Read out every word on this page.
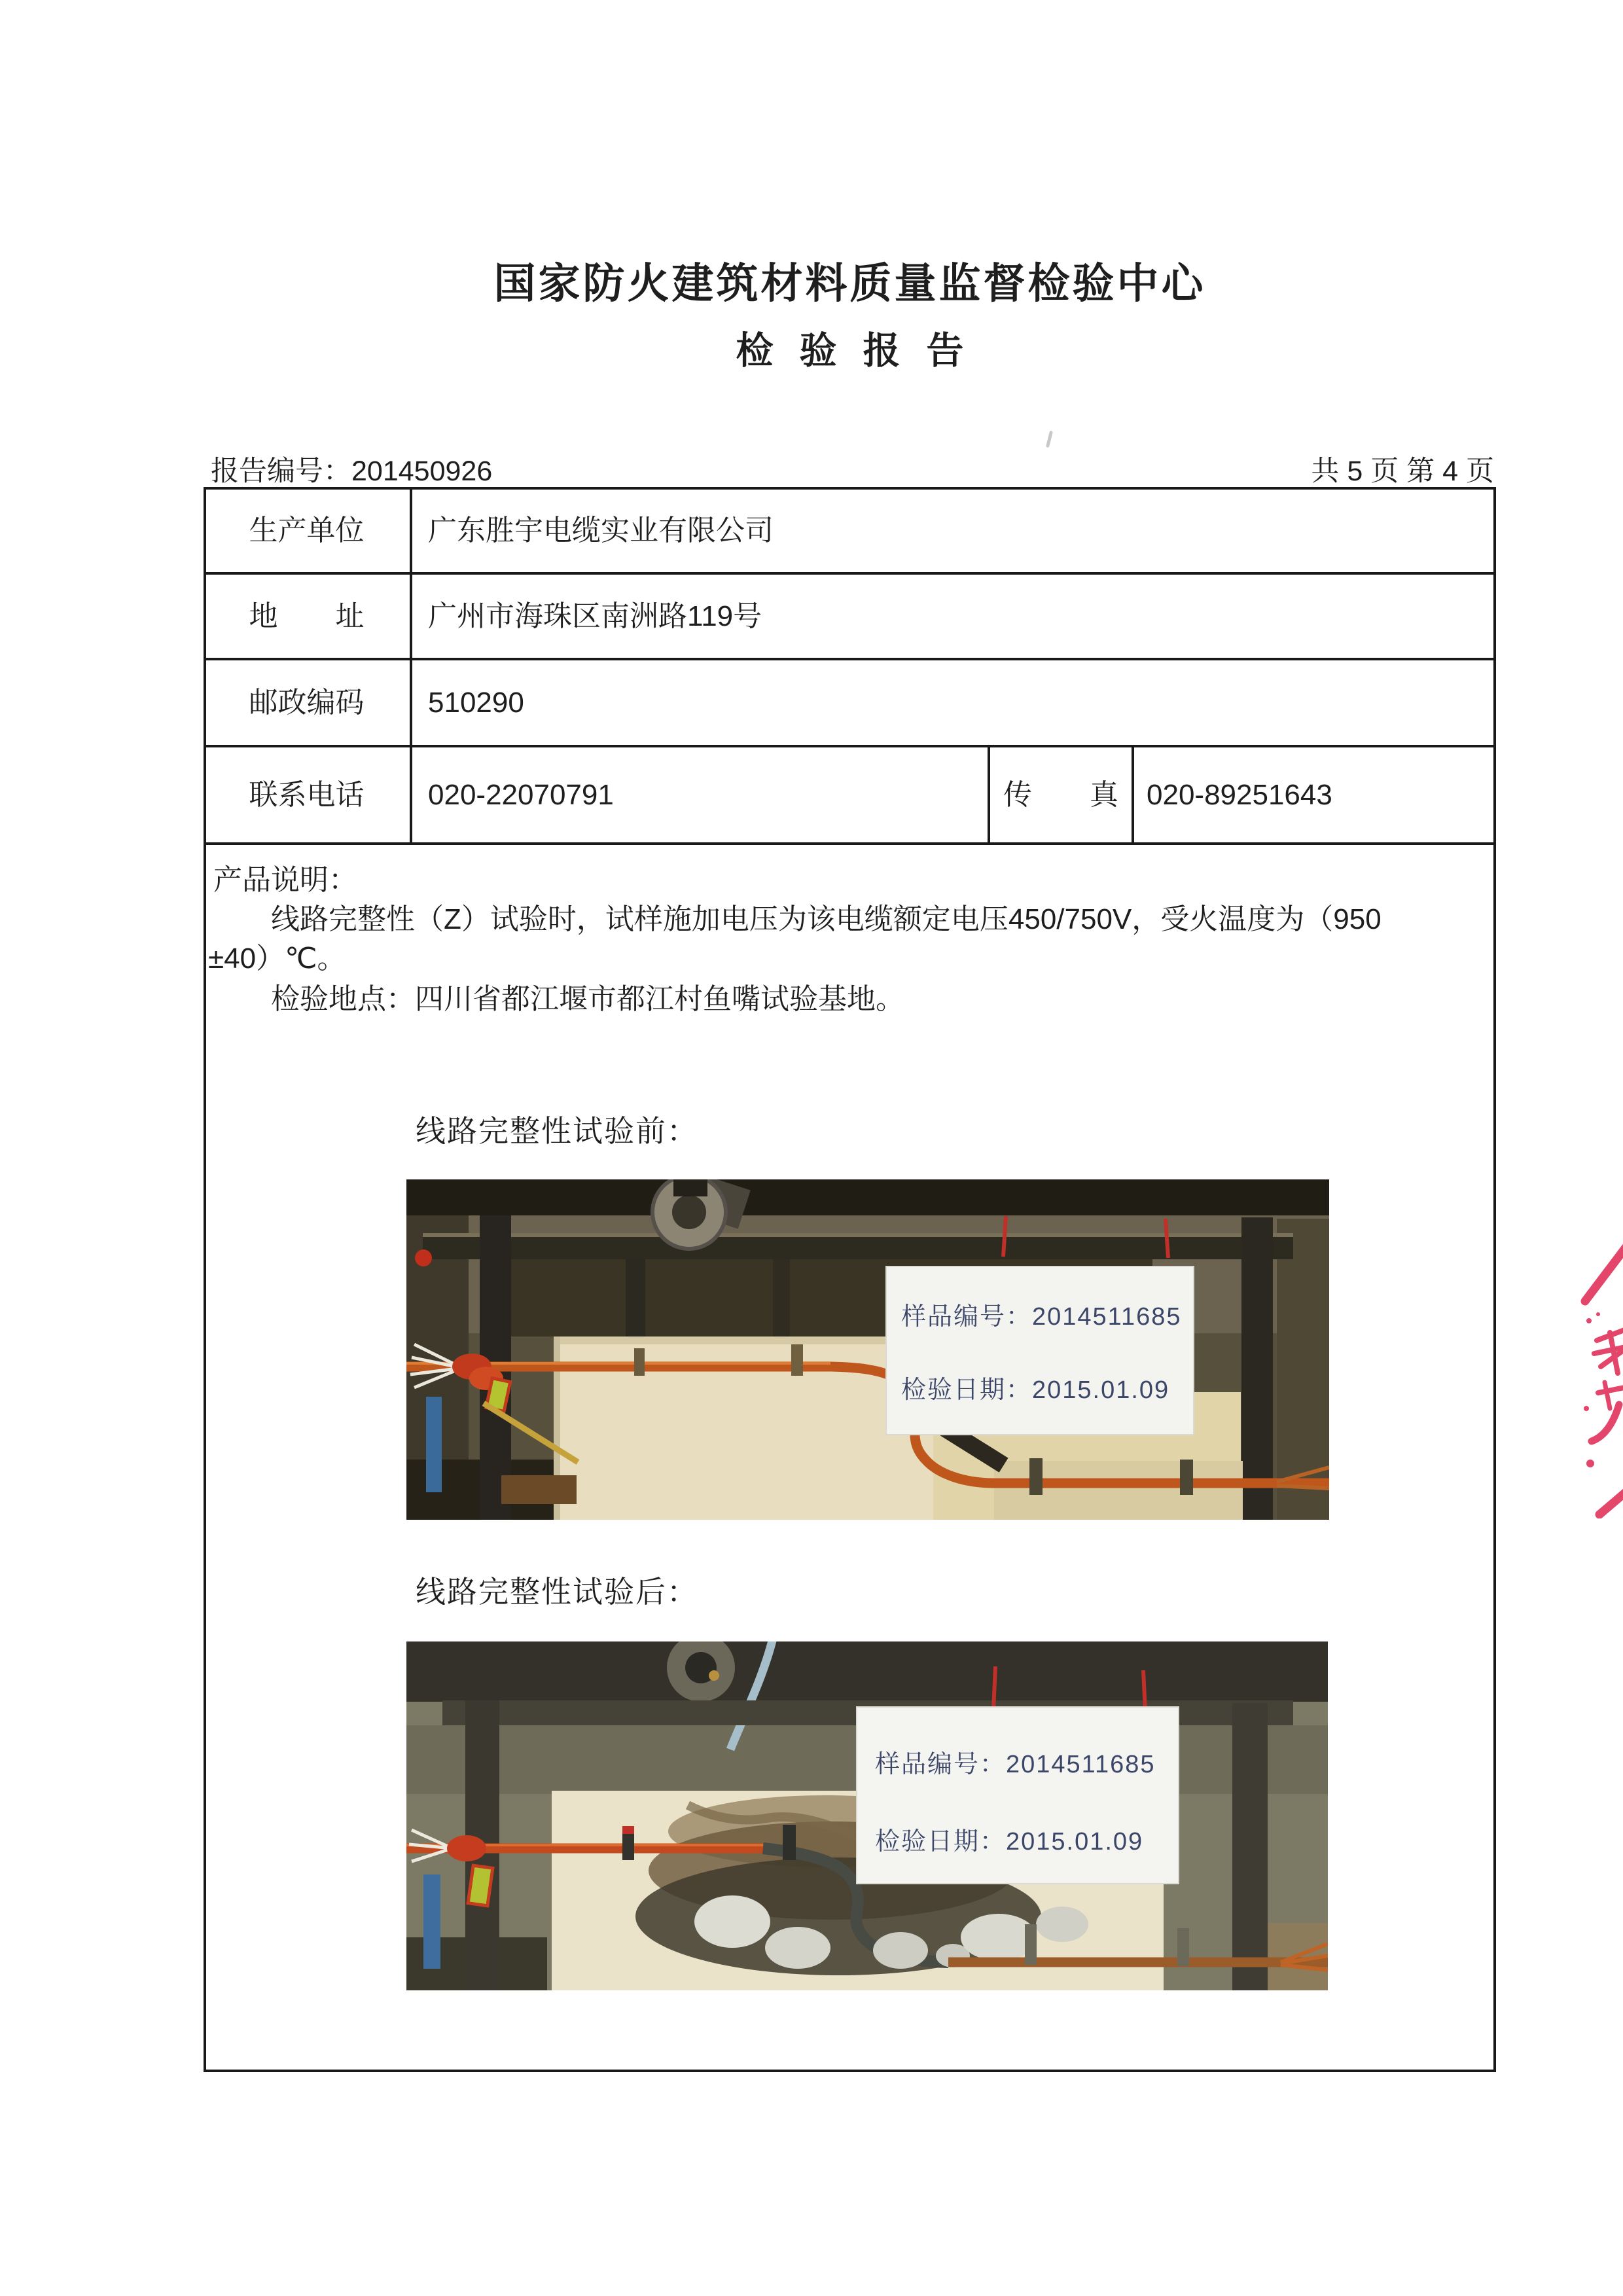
国家防火建筑材料质量监督检验中心
检验报告
报告编号：201450926	共 5 页 第 4 页
生产单位	广东胜宇电缆实业有限公司
地　　址	广州市海珠区南洲路119号
邮政编码	510290
联系电话	020-22070791	传　　真 020-89251643
产品说明：
　　线路完整性（Z）试验时，试样施加电压为该电缆额定电压450/750V，受火温度为（950
±40）℃。
　　检验地点：四川省都江堰市都江村鱼嘴试验基地。
线路完整性试验前：
样品编号：2014511685
检验日期：2015.01.09
线路完整性试验后：
样品编号：2014511685
检验日期：2015.01.09
